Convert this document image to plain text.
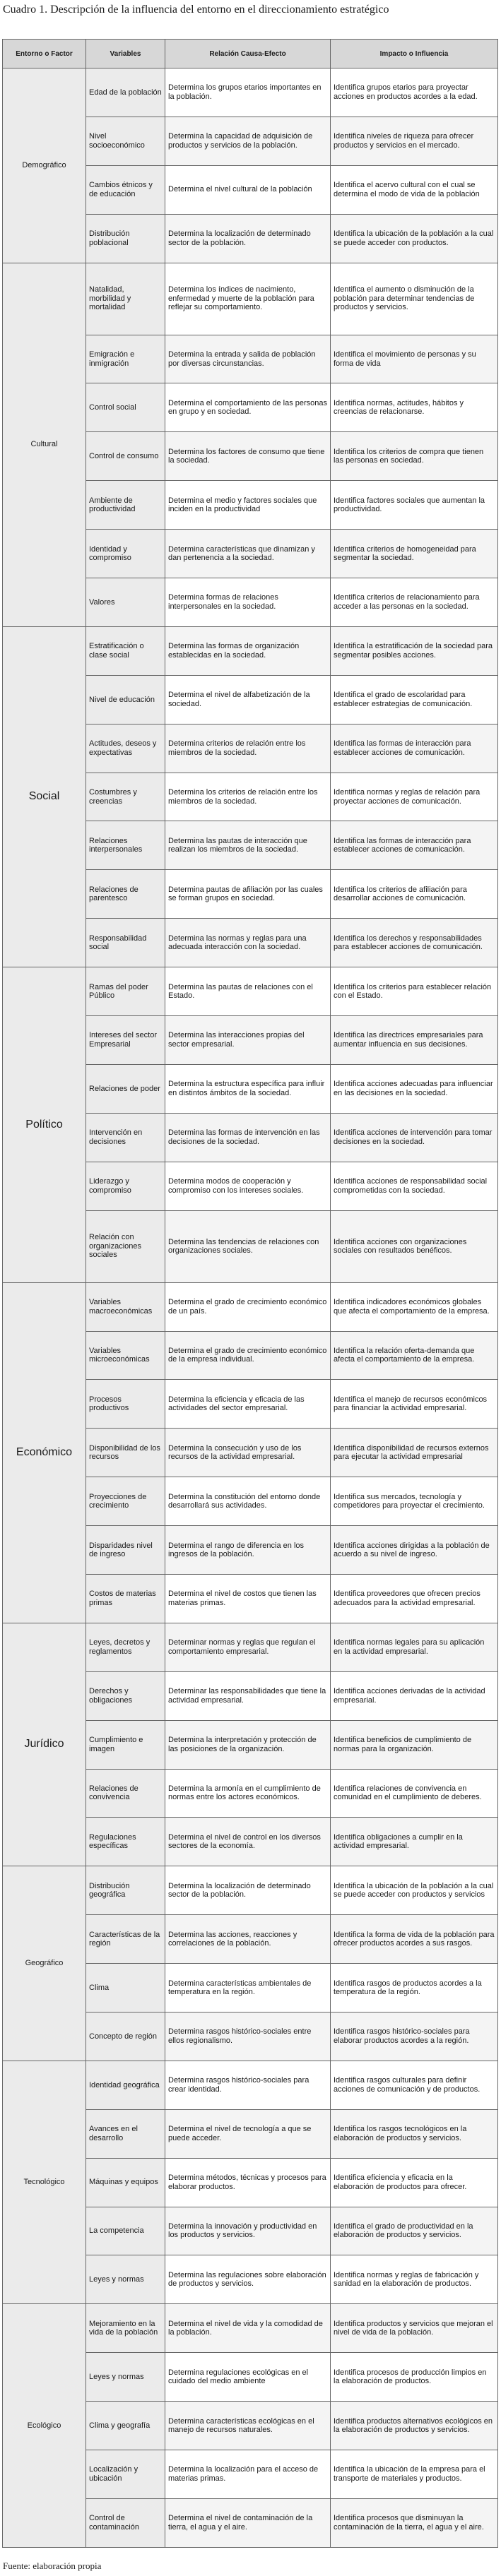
Cuadro 1. Descripción de la influencia del entorno en el direccionamiento estratégico
Entorno o Factor	Variables	Relación Causa-Efecto	Impacto o Influencia
Demográfico	Edad de la población	Determina los grupos etarios importantes en la población.	Identifica grupos etarios para proyectar acciones en productos acordes a la edad.
	Nivel socioeconómico	Determina la capacidad de adquisición de productos y servicios de la población.	Identifica niveles de riqueza para ofrecer productos y servicios en el mercado.
	Cambios étnicos y de educación	Determina el nivel cultural de la población	Identifica el acervo cultural con el cual se determina el modo de vida de la población
	Distribución poblacional	Determina la localización de determinado sector de la población.	Identifica la ubicación de la población a la cual se puede acceder con productos.
Cultural	Natalidad, morbilidad y mortalidad	Determina los índices de nacimiento, enfermedad y muerte de la población para reflejar su comportamiento.	Identifica el aumento o disminución de la población para determinar tendencias de productos y servicios.
	Emigración e inmigración	Determina la entrada y salida de población por diversas circunstancias.	Identifica el movimiento de personas y su forma de vida
	Control social	Determina el comportamiento de las personas en grupo y en sociedad.	Identifica normas, actitudes, hábitos y creencias de relacionarse.
	Control de consumo	Determina los factores de consumo que tiene la sociedad.	Identifica los criterios de compra que tienen las personas en sociedad.
	Ambiente de productividad	Determina el medio y factores sociales que inciden en la productividad	Identifica factores sociales que aumentan la productividad.
	Identidad y compromiso	Determina características que dinamizan y dan pertenencia a la sociedad.	Identifica criterios de homogeneidad para segmentar la sociedad.
	Valores	Determina formas de relaciones interpersonales en la sociedad.	Identifica criterios de relacionamiento para acceder a las personas en la sociedad.
Social	Estratificación o clase social	Determina las formas de organización establecidas en la sociedad.	Identifica la estratificación de la sociedad para segmentar posibles acciones.
	Nivel de educación	Determina el nivel de alfabetización de la sociedad.	Identifica el grado de escolaridad para establecer estrategias de comunicación.
	Actitudes, deseos y expectativas	Determina criterios de relación entre los miembros de la sociedad.	Identifica las formas de interacción para establecer acciones de comunicación.
	Costumbres y creencias	Determina los criterios de relación entre los miembros de la sociedad.	Identifica normas y reglas de relación para proyectar acciones de comunicación.
	Relaciones interpersonales	Determina las pautas de interacción que realizan los miembros de la sociedad.	Identifica las formas de interacción para establecer acciones de comunicación.
	Relaciones de parentesco	Determina pautas de afiliación por las cuales se forman grupos en sociedad.	Identifica los criterios de afiliación para desarrollar acciones de comunicación.
	Responsabilidad social	Determina las normas y reglas para una adecuada interacción con la sociedad.	Identifica los derechos y responsabilidades para establecer acciones de comunicación.
Político	Ramas del poder Público	Determina las pautas de relaciones con el Estado.	Identifica los criterios para establecer relación con el Estado.
	Intereses del sector Empresarial	Determina las interacciones propias del sector empresarial.	Identifica las directrices empresariales para aumentar influencia en sus decisiones.
	Relaciones de poder	Determina la estructura específica para influir en distintos ámbitos de la sociedad.	Identifica acciones adecuadas para influenciar en las decisiones en la sociedad.
	Intervención en decisiones	Determina las formas de intervención en las decisiones de la sociedad.	Identifica acciones de intervención para tomar decisiones en la sociedad.
	Liderazgo y compromiso	Determina modos de cooperación y compromiso con los intereses sociales.	Identifica acciones de responsabilidad social comprometidas con la sociedad.
	Relación con organizaciones sociales	Determina las tendencias de relaciones con organizaciones sociales.	Identifica acciones con organizaciones sociales con resultados benéficos.
Económico	Variables macroeconómicas	Determina el grado de crecimiento económico de un país.	Identifica indicadores económicos globales que afecta el comportamiento de la empresa.
	Variables microeconómicas	Determina el grado de crecimiento económico de la empresa individual.	Identifica la relación oferta-demanda que afecta el comportamiento de la empresa.
	Procesos productivos	Determina la eficiencia y eficacia de las actividades del sector empresarial.	Identifica el manejo de recursos económicos para financiar la actividad empresarial.
	Disponibilidad de los recursos	Determina la consecución y uso de los recursos de la actividad empresarial.	Identifica disponibilidad de recursos externos para ejecutar la actividad empresarial
	Proyecciones de crecimiento	Determina la constitución del entorno donde desarrollará sus actividades.	Identifica sus mercados, tecnología y competidores para proyectar el crecimiento.
	Disparidades nivel de ingreso	Determina el rango de diferencia en los ingresos de la población.	Identifica acciones dirigidas a la población de acuerdo a su nivel de ingreso.
	Costos de materias primas	Determina el nivel de costos que tienen las materias primas.	Identifica proveedores que ofrecen precios adecuados para la actividad empresarial.
Jurídico	Leyes, decretos y reglamentos	Determinar normas y reglas que regulan el comportamiento empresarial.	Identifica normas legales para su aplicación en la actividad empresarial.
	Derechos y obligaciones	Determinar las responsabilidades que tiene la actividad empresarial.	Identifica acciones derivadas de la actividad empresarial.
	Cumplimiento e imagen	Determina la interpretación y protección de las posiciones de la organización.	Identifica beneficios de cumplimiento de normas para la organización.
	Relaciones de convivencia	Determina la armonía en el cumplimiento de normas entre los actores económicos.	Identifica relaciones de convivencia en comunidad en el cumplimiento de deberes.
	Regulaciones específicas	Determina el nivel de control en los diversos sectores de la economía.	Identifica obligaciones a cumplir en la actividad empresarial.
Geográfico	Distribución geográfica	Determina la localización de determinado sector de la población.	Identifica la ubicación de la población a la cual se puede acceder con productos y servicios
	Características de la región	Determina las acciones, reacciones y correlaciones de la población.	Identifica la forma de vida de la población para ofrecer productos acordes a sus rasgos.
	Clima	Determina características ambientales de temperatura en la región.	Identifica rasgos de productos acordes a la temperatura de la región.
	Concepto de región	Determina rasgos histórico-sociales entre ellos regionalismo.	Identifica rasgos histórico-sociales para elaborar productos acordes a la región.
Tecnológico	Identidad geográfica	Determina rasgos histórico-sociales para crear identidad.	Identifica rasgos culturales para definir acciones de comunicación y de productos.
	Avances en el desarrollo	Determina el nivel de tecnología a que se puede acceder.	Identifica los rasgos tecnológicos en la elaboración de productos y servicios.
	Máquinas y equipos	Determina métodos, técnicas y procesos para elaborar productos.	Identifica eficiencia y eficacia en la elaboración de productos para ofrecer.
	La competencia	Determina la innovación y productividad en los productos y servicios.	Identifica el grado de productividad en la elaboración de productos y servicios.
	Leyes y normas	Determina las regulaciones sobre elaboración de productos y servicios.	Identifica normas y reglas de fabricación y sanidad en la elaboración de productos.
Ecológico	Mejoramiento en la vida de la población	Determina el nivel de vida y la comodidad de la población.	Identifica productos y servicios que mejoran el nivel de vida de la población.
	Leyes y normas	Determina regulaciones ecológicas en el cuidado del medio ambiente	Identifica procesos de producción limpios en la elaboración de productos.
	Clima y geografía	Determina características ecológicas en el manejo de recursos naturales.	Identifica productos alternativos ecológicos en la elaboración de productos y servicios.
	Localización y ubicación	Determina la localización para el acceso de materias primas.	Identifica la ubicación de la empresa para el transporte de materiales y productos.
	Control de contaminación	Determina el nivel de contaminación de la tierra, el agua y el aire.	Identifica procesos que disminuyan la contaminación de la tierra, el agua y el aire.
Fuente: elaboración propia
